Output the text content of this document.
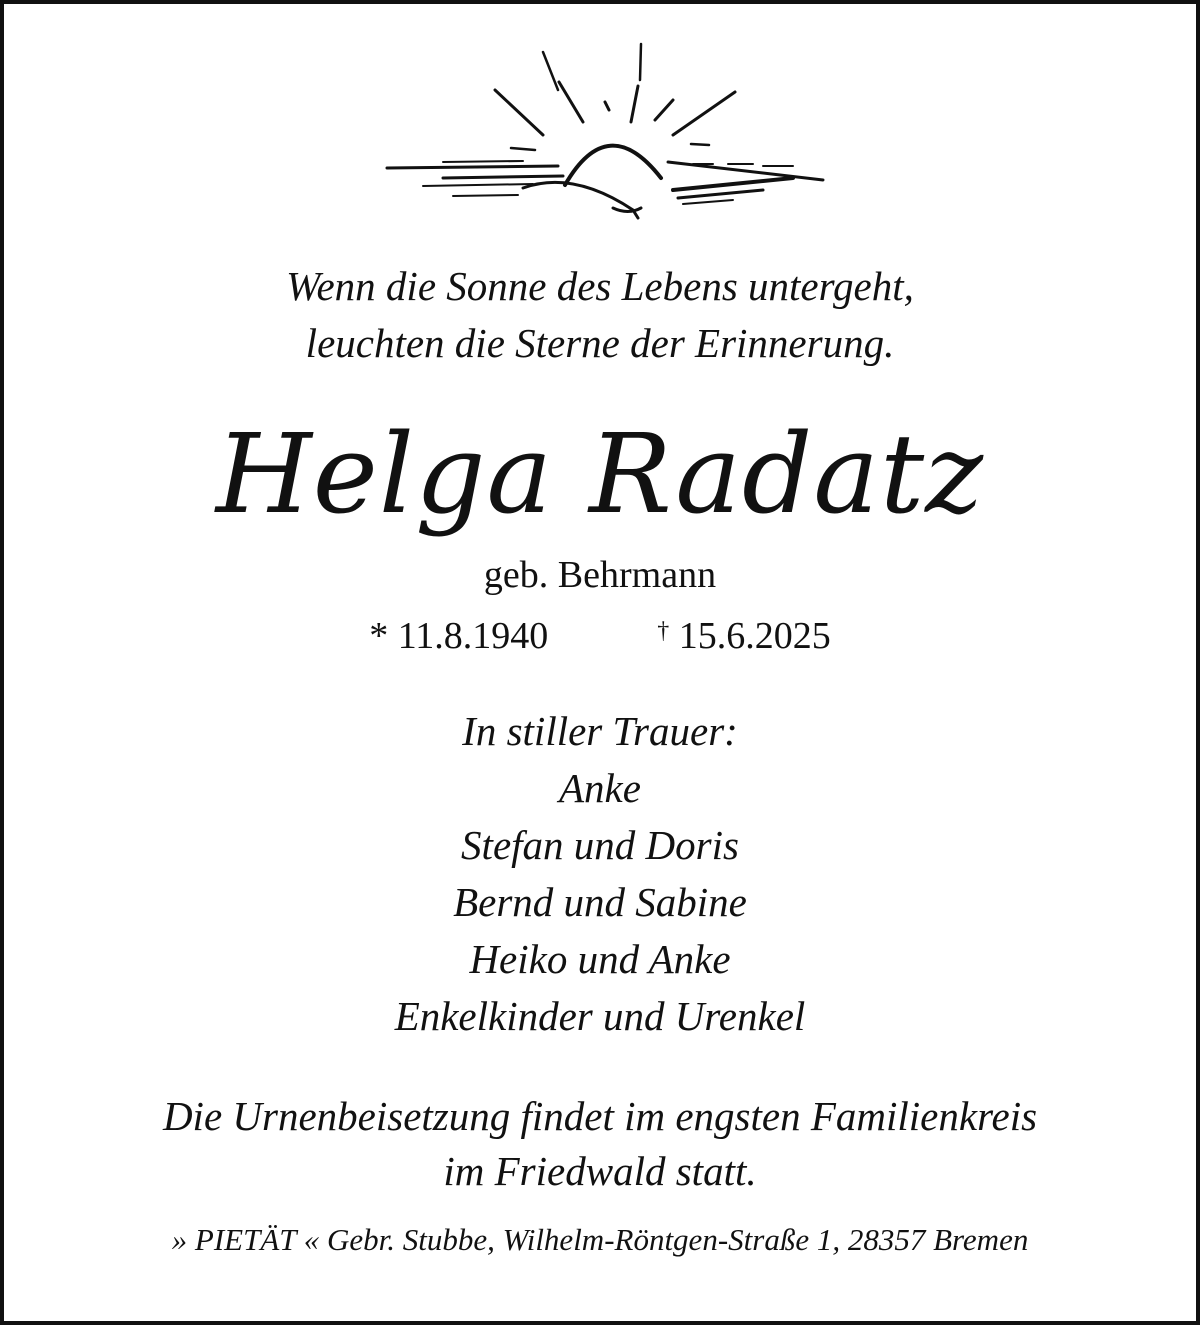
Wenn die Sonne des Lebens untergeht,
leuchten die Sterne der Erinnerung.
Helga Radatz
geb. Behrmann
* 11.8.1940	† 15.6.2025
In stiller Trauer:
Anke
Stefan und Doris
Bernd und Sabine
Heiko und Anke
Enkelkinder und Urenkel
Die Urnenbeisetzung findet im engsten Familienkreis
im Friedwald statt.
» PIETÄT « Gebr. Stubbe, Wilhelm-Röntgen-Straße 1, 28357 Bremen
